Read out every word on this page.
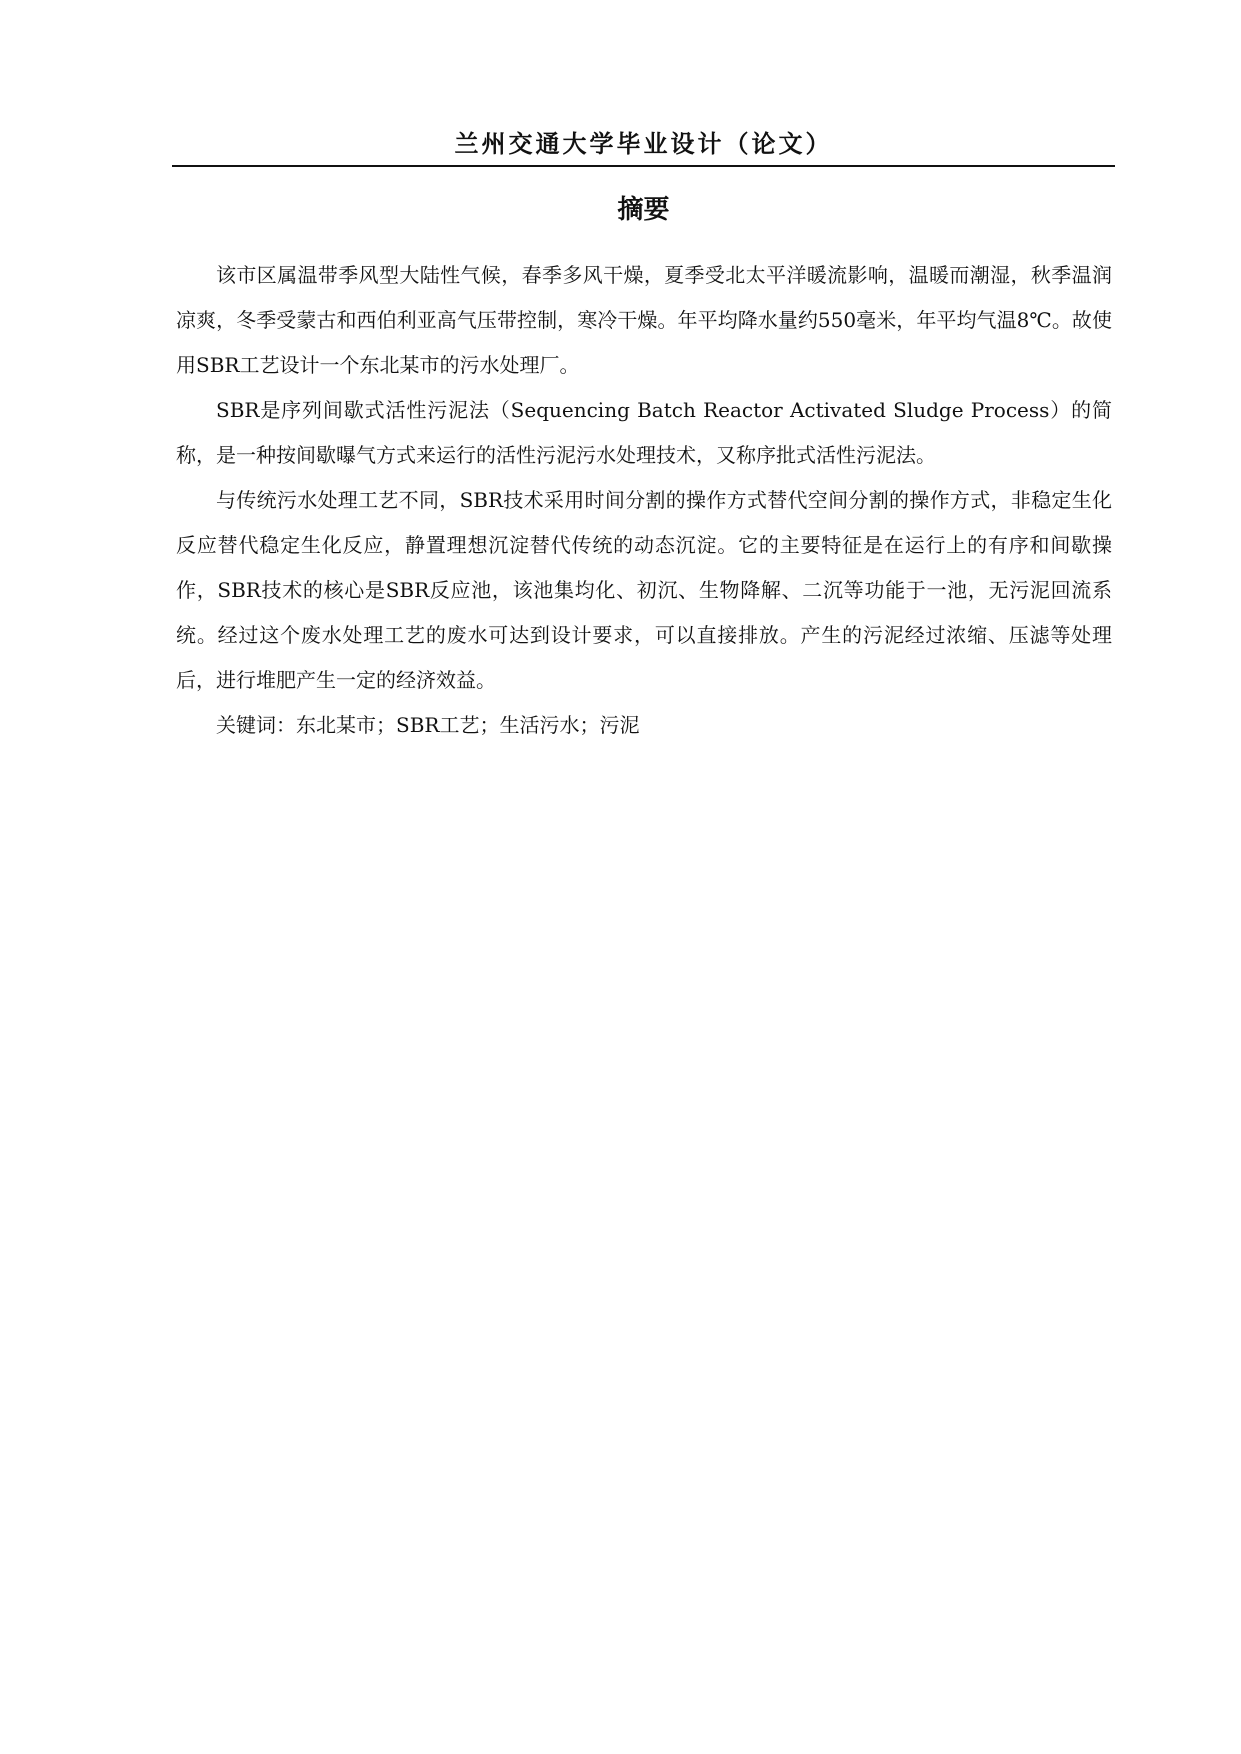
兰州交通大学毕业设计（论文）
摘要

该市区属温带季风型大陆性气候，春季多风干燥，夏季受北太平洋暖流影响，温暖而潮湿，秋季温润凉爽，冬季受蒙古和西伯利亚高气压带控制，寒冷干燥。年平均降水量约550毫米，年平均气温8℃。故使用SBR工艺设计一个东北某市的污水处理厂。

SBR是序列间歇式活性污泥法（Sequencing Batch Reactor Activated Sludge Process）的简称，是一种按间歇曝气方式来运行的活性污泥污水处理技术，又称序批式活性污泥法。

与传统污水处理工艺不同，SBR技术采用时间分割的操作方式替代空间分割的操作方式，非稳定生化反应替代稳定生化反应，静置理想沉淀替代传统的动态沉淀。它的主要特征是在运行上的有序和间歇操作，SBR技术的核心是SBR反应池，该池集均化、初沉、生物降解、二沉等功能于一池，无污泥回流系统。经过这个废水处理工艺的废水可达到设计要求，可以直接排放。产生的污泥经过浓缩、压滤等处理后，进行堆肥产生一定的经济效益。

关键词：东北某市；SBR工艺；生活污水；污泥
